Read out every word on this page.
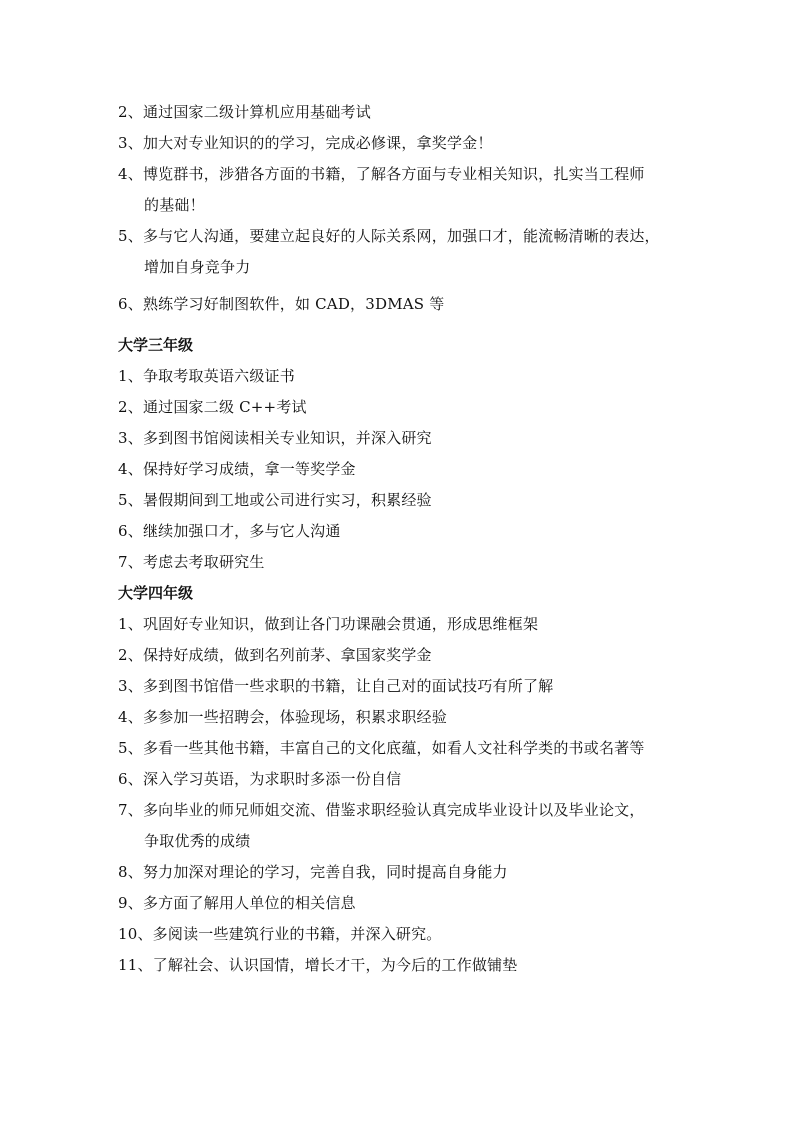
2、通过国家二级计算机应用基础考试
3、加大对专业知识的的学习，完成必修课，拿奖学金！
4、博览群书，涉猎各方面的书籍，了解各方面与专业相关知识，扎实当工程师
的基础！
5、多与它人沟通，要建立起良好的人际关系网，加强口才，能流畅清晰的表达，
增加自身竞争力
6、熟练学习好制图软件，如 CAD，3DMAS 等
大学三年级
1、争取考取英语六级证书
2、通过国家二级 C++考试
3、多到图书馆阅读相关专业知识，并深入研究
4、保持好学习成绩，拿一等奖学金
5、暑假期间到工地或公司进行实习，积累经验
6、继续加强口才，多与它人沟通
7、考虑去考取研究生
大学四年级
1、巩固好专业知识，做到让各门功课融会贯通，形成思维框架
2、保持好成绩，做到名列前茅、拿国家奖学金
3、多到图书馆借一些求职的书籍，让自己对的面试技巧有所了解
4、多参加一些招聘会，体验现场，积累求职经验
5、多看一些其他书籍，丰富自己的文化底蕴，如看人文社科学类的书或名著等
6、深入学习英语，为求职时多添一份自信
7、多向毕业的师兄师姐交流、借鉴求职经验认真完成毕业设计以及毕业论文，
争取优秀的成绩
8、努力加深对理论的学习，完善自我，同时提高自身能力
9、多方面了解用人单位的相关信息
10、多阅读一些建筑行业的书籍，并深入研究。
11、了解社会、认识国情，增长才干，为今后的工作做铺垫
